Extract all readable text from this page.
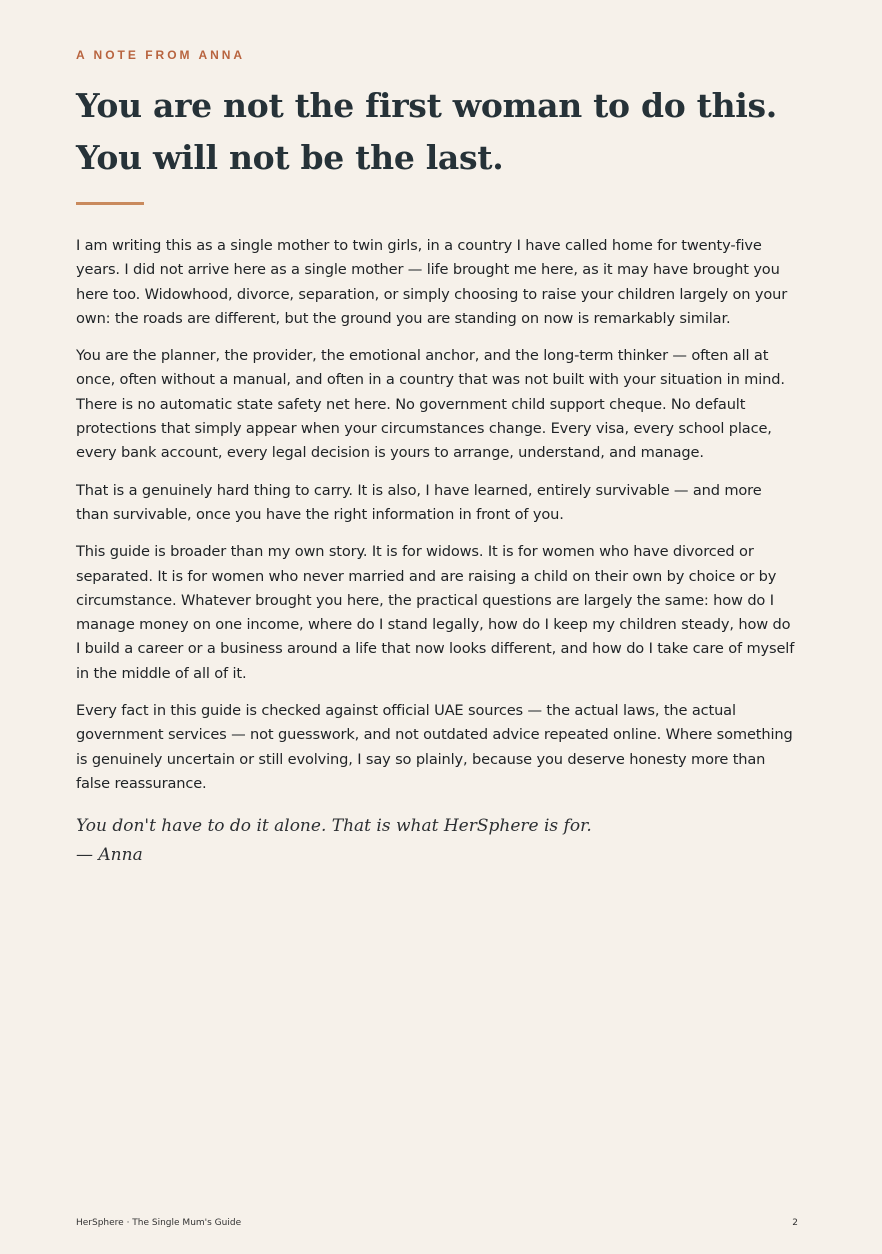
A NOTE FROM ANNA
You are not the first woman to do this. You will not be the last.

I am writing this as a single mother to twin girls, in a country I have called home for twenty-five years. I did not arrive here as a single mother — life brought me here, as it may have brought you here too. Widowhood, divorce, separation, or simply choosing to raise your children largely on your own: the roads are different, but the ground you are standing on now is remarkably similar.

You are the planner, the provider, the emotional anchor, and the long-term thinker — often all at once, often without a manual, and often in a country that was not built with your situation in mind. There is no automatic state safety net here. No government child support cheque. No default protections that simply appear when your circumstances change. Every visa, every school place, every bank account, every legal decision is yours to arrange, understand, and manage.

That is a genuinely hard thing to carry. It is also, I have learned, entirely survivable — and more than survivable, once you have the right information in front of you.

This guide is broader than my own story. It is for widows. It is for women who have divorced or separated. It is for women who never married and are raising a child on their own by choice or by circumstance. Whatever brought you here, the practical questions are largely the same: how do I manage money on one income, where do I stand legally, how do I keep my children steady, how do I build a career or a business around a life that now looks different, and how do I take care of myself in the middle of all of it.

Every fact in this guide is checked against official UAE sources — the actual laws, the actual government services — not guesswork, and not outdated advice repeated online. Where something is genuinely uncertain or still evolving, I say so plainly, because you deserve honesty more than false reassurance.

You don't have to do it alone. That is what HerSphere is for.
— Anna
HerSphere · The Single Mum's Guide	2
